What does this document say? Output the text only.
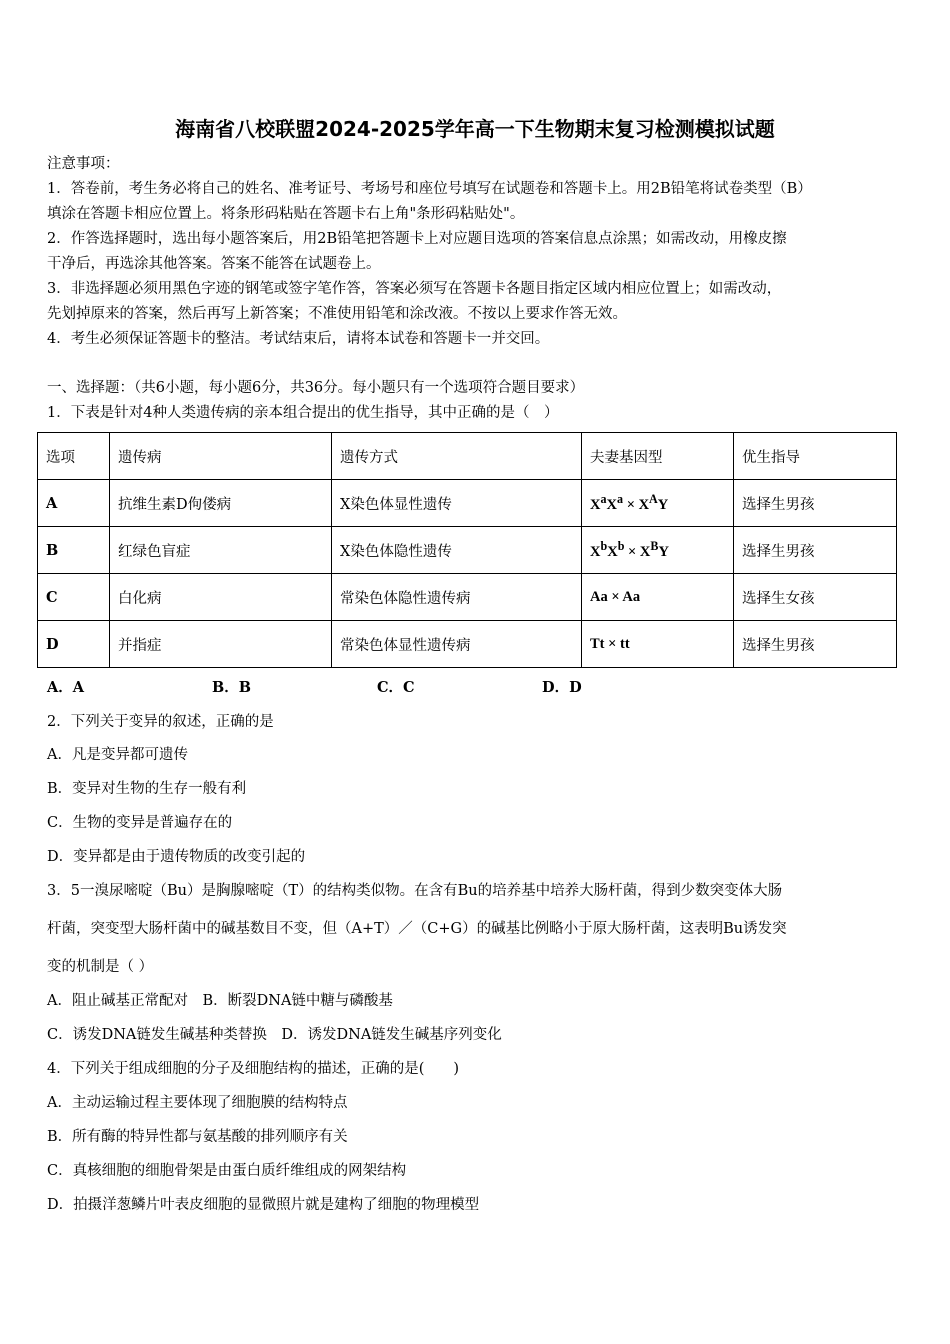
海南省八校联盟2024-2025学年高一下生物期末复习检测模拟试题
注意事项：
1．答卷前，考生务必将自己的姓名、准考证号、考场号和座位号填写在试题卷和答题卡上。用2B铅笔将试卷类型（B）
填涂在答题卡相应位置上。将条形码粘贴在答题卡右上角"条形码粘贴处"。
2．作答选择题时，选出每小题答案后，用2B铅笔把答题卡上对应题目选项的答案信息点涂黑；如需改动，用橡皮擦
干净后，再选涂其他答案。答案不能答在试题卷上。
3．非选择题必须用黑色字迹的钢笔或签字笔作答，答案必须写在答题卡各题目指定区域内相应位置上；如需改动，
先划掉原来的答案，然后再写上新答案；不准使用铅笔和涂改液。不按以上要求作答无效。
4．考生必须保证答题卡的整洁。考试结束后，请将本试卷和答题卡一并交回。
一、选择题：（共6小题，每小题6分，共36分。每小题只有一个选项符合题目要求）
1．下表是针对4种人类遗传病的亲本组合提出的优生指导，其中正确的是（　）
选项	遗传病	遗传方式	夫妻基因型	优生指导
A	抗维生素D佝偻病	X染色体显性遗传	$X^aX^a \times X^AY$	选择生男孩
B	红绿色盲症	X染色体隐性遗传	$X^bX^b \times X^BY$	选择生男孩
C	白化病	常染色体隐性遗传病	Aa × Aa	选择生女孩
D	并指症	常染色体显性遗传病	Tt × tt	选择生男孩
A．A	B．B	C．C	D．D
2．下列关于变异的叙述，正确的是
A．凡是变异都可遗传
B．变异对生物的生存一般有利
C．生物的变异是普遍存在的
D．变异都是由于遗传物质的改变引起的
3．5一溴尿嘧啶（Bu）是胸腺嘧啶（T）的结构类似物。在含有Bu的培养基中培养大肠杆菌，得到少数突变体大肠
杆菌，突变型大肠杆菌中的碱基数目不变，但（A+T）／（C+G）的碱基比例略小于原大肠杆菌，这表明Bu诱发突
变的机制是（ ）
A．阻止碱基正常配对　B．断裂DNA链中糖与磷酸基
C．诱发DNA链发生碱基种类替换　D．诱发DNA链发生碱基序列变化
4．下列关于组成细胞的分子及细胞结构的描述，正确的是(　　)
A．主动运输过程主要体现了细胞膜的结构特点
B．所有酶的特异性都与氨基酸的排列顺序有关
C．真核细胞的细胞骨架是由蛋白质纤维组成的网架结构
D．拍摄洋葱鳞片叶表皮细胞的显微照片就是建构了细胞的物理模型
